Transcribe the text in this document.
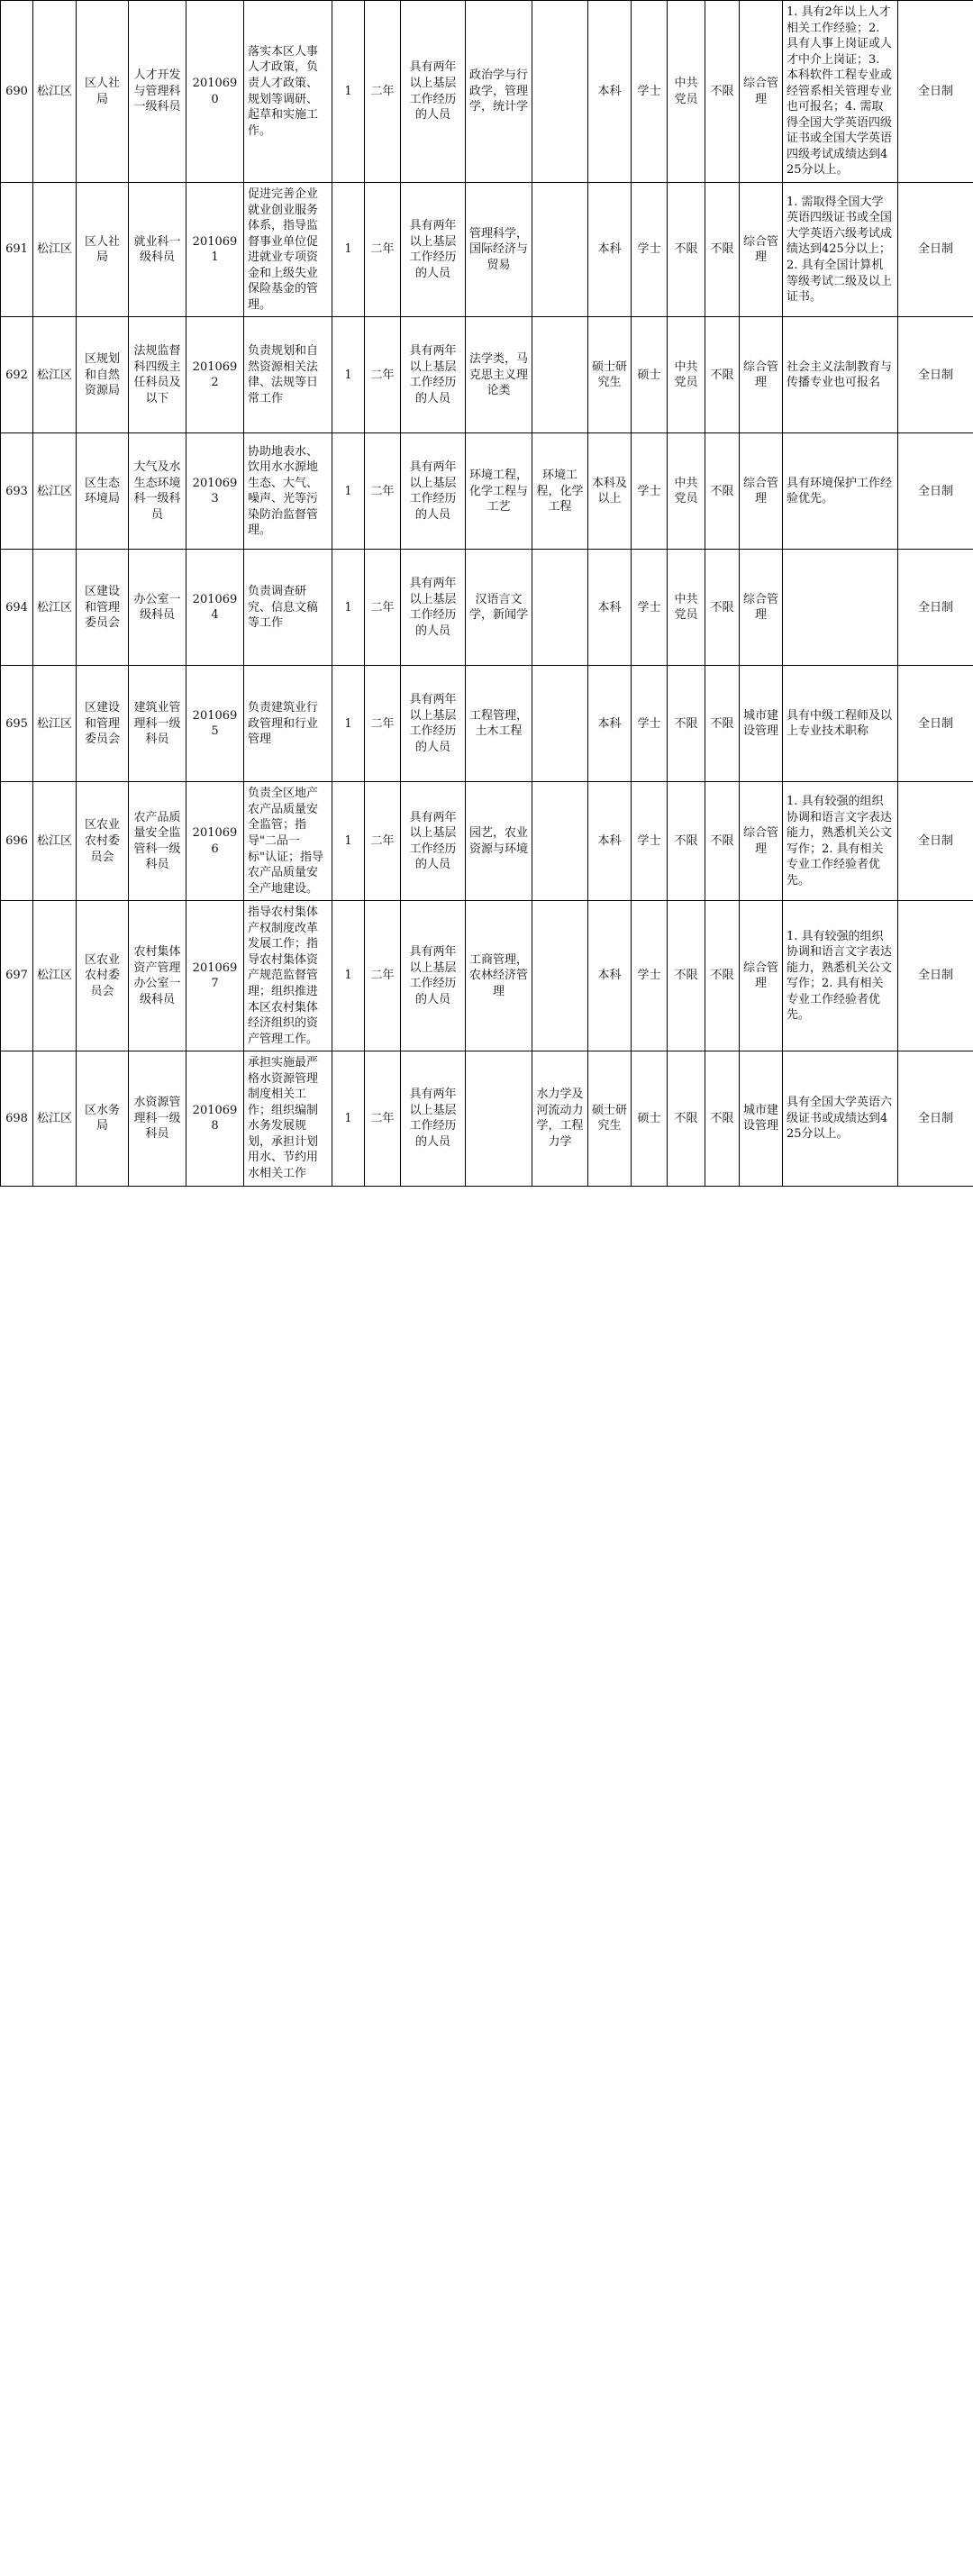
690	松江区	区人社局	人才开发与管理科一级科员	2010690	落实本区人事人才政策，负责人才政策、规划等调研、起草和实施工作。	1	二年	具有两年以上基层工作经历的人员	政治学与行政学，管理学，统计学		本科	学士	中共党员	不限	综合管理	1. 具有2年以上人才相关工作经验；2. 具有人事上岗证或人才中介上岗证；3. 本科软件工程专业或经管系相关管理专业也可报名；4. 需取得全国大学英语四级证书或全国大学英语四级考试成绩达到425分以上。	全日制
691	松江区	区人社局	就业科一级科员	2010691	促进完善企业就业创业服务体系，指导监督事业单位促进就业专项资金和上级失业保险基金的管理。	1	二年	具有两年以上基层工作经历的人员	管理科学，国际经济与贸易		本科	学士	不限	不限	综合管理	1. 需取得全国大学英语四级证书或全国大学英语六级考试成绩达到425分以上；2. 具有全国计算机等级考试二级及以上证书。	全日制
692	松江区	区规划和自然资源局	法规监督科四级主任科员及以下	2010692	负责规划和自然资源相关法律、法规等日常工作	1	二年	具有两年以上基层工作经历的人员	法学类，马克思主义理论类		硕士研究生	硕士	中共党员	不限	综合管理	社会主义法制教育与传播专业也可报名	全日制
693	松江区	区生态环境局	大气及水生态环境科一级科员	2010693	协助地表水、饮用水水源地生态、大气、噪声、光等污染防治监督管理。	1	二年	具有两年以上基层工作经历的人员	环境工程，化学工程与工艺	环境工程，化学工程	本科及以上	学士	中共党员	不限	综合管理	具有环境保护工作经验优先。	全日制
694	松江区	区建设和管理委员会	办公室一级科员	2010694	负责调查研究、信息文稿等工作	1	二年	具有两年以上基层工作经历的人员	汉语言文学，新闻学		本科	学士	中共党员	不限	综合管理		全日制
695	松江区	区建设和管理委员会	建筑业管理科一级科员	2010695	负责建筑业行政管理和行业管理	1	二年	具有两年以上基层工作经历的人员	工程管理，土木工程		本科	学士	不限	不限	城市建设管理	具有中级工程师及以上专业技术职称	全日制
696	松江区	区农业农村委员会	农产品质量安全监管科一级科员	2010696	负责全区地产农产品质量安全监管；指导"二品一标"认证；指导农产品质量安全产地建设。	1	二年	具有两年以上基层工作经历的人员	园艺，农业资源与环境		本科	学士	不限	不限	综合管理	1. 具有较强的组织协调和语言文字表达能力，熟悉机关公文写作；2. 具有相关专业工作经验者优先。	全日制
697	松江区	区农业农村委员会	农村集体资产管理办公室一级科员	2010697	指导农村集体产权制度改革发展工作；指导农村集体资产规范监督管理；组织推进本区农村集体经济组织的资产管理工作。	1	二年	具有两年以上基层工作经历的人员	工商管理，农林经济管理		本科	学士	不限	不限	综合管理	1. 具有较强的组织协调和语言文字表达能力，熟悉机关公文写作；2. 具有相关专业工作经验者优先。	全日制
698	松江区	区水务局	水资源管理科一级科员	2010698	承担实施最严格水资源管理制度相关工作；组织编制水务发展规划，承担计划用水、节约用水相关工作	1	二年	具有两年以上基层工作经历的人员		水力学及河流动力学，工程力学	硕士研究生	硕士	不限	不限	城市建设管理	具有全国大学英语六级证书或成绩达到425分以上。	全日制
